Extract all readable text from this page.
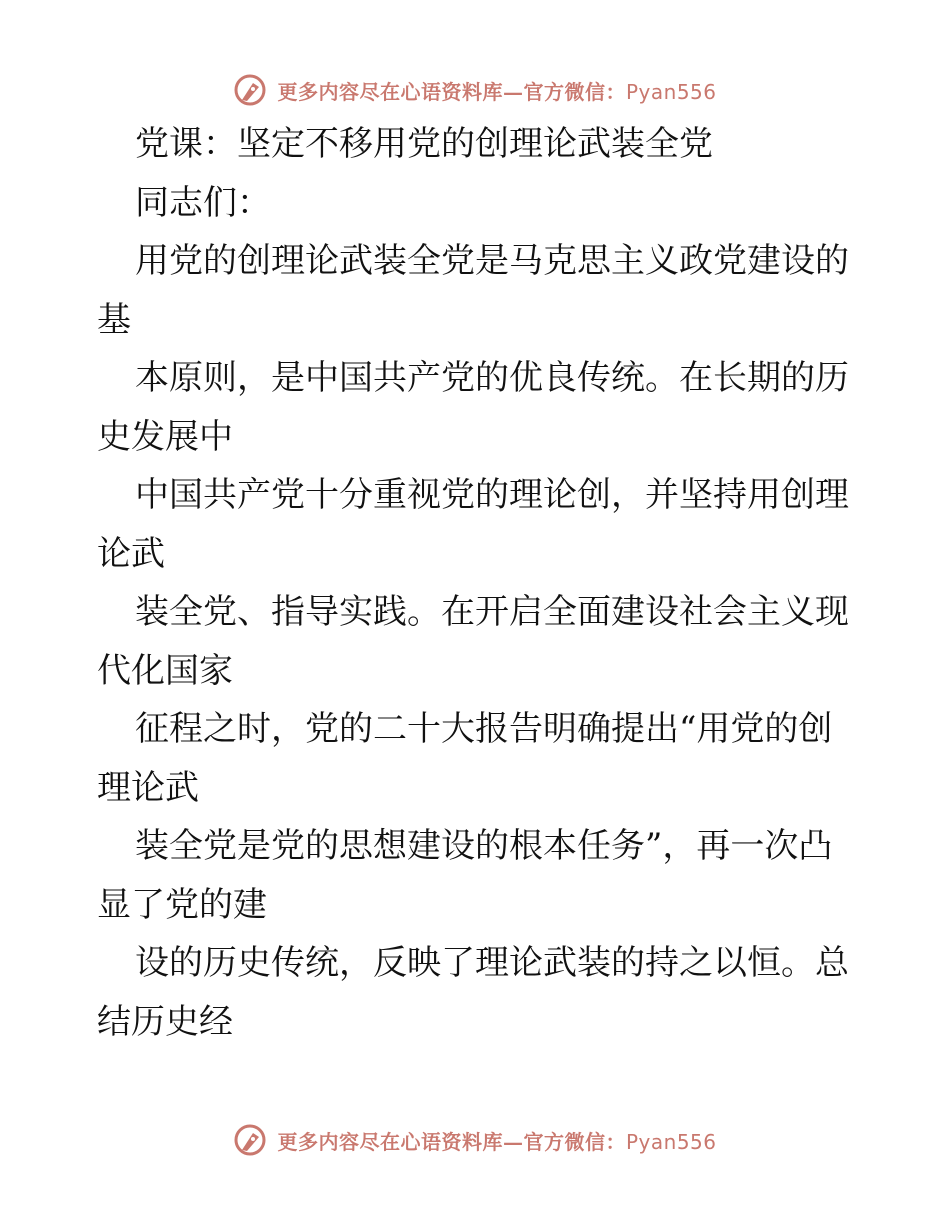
更多内容尽在心语资料库—官方微信：Pyan556
党课：坚定不移用党的创理论武装全党
同志们：
用党的创理论武装全党是马克思主义政党建设的
基
本原则，是中国共产党的优良传统。在长期的历
史发展中
中国共产党十分重视党的理论创，并坚持用创理
论武
装全党、指导实践。在开启全面建设社会主义现
代化国家
征程之时，党的二十大报告明确提出“用党的创
理论武
装全党是党的思想建设的根本任务”，再一次凸
显了党的建
设的历史传统，反映了理论武装的持之以恒。总
结历史经
更多内容尽在心语资料库—官方微信：Pyan556
